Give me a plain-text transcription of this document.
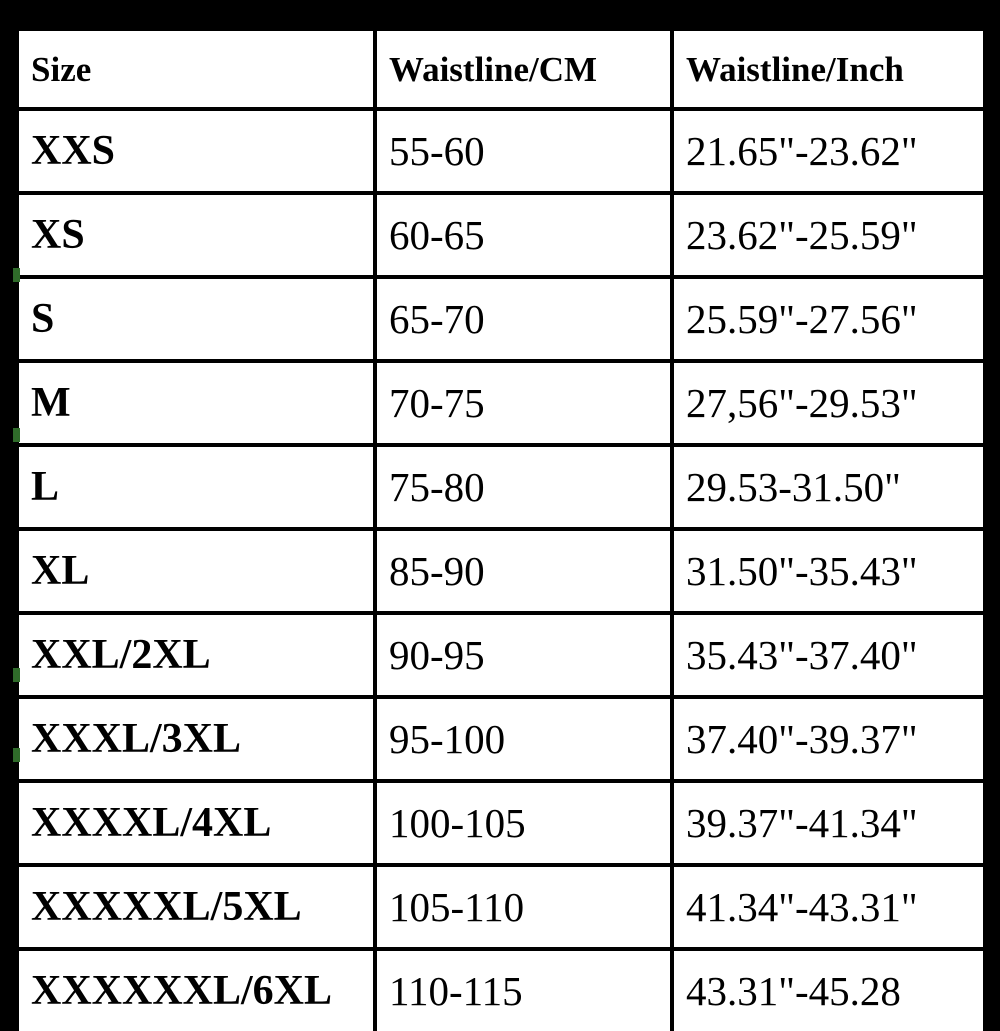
Size	Waistline/CM	Waistline/Inch
XXS	55-60	21.65"-23.62"
XS	60-65	23.62"-25.59"
S	65-70	25.59"-27.56"
M	70-75	27,56"-29.53"
L	75-80	29.53-31.50"
XL	85-90	31.50"-35.43"
XXL/2XL	90-95	35.43"-37.40"
XXXL/3XL	95-100	37.40"-39.37"
XXXXL/4XL	100-105	39.37"-41.34"
XXXXXL/5XL	105-110	41.34"-43.31"
XXXXXXL/6XL	110-115	43.31"-45.28
